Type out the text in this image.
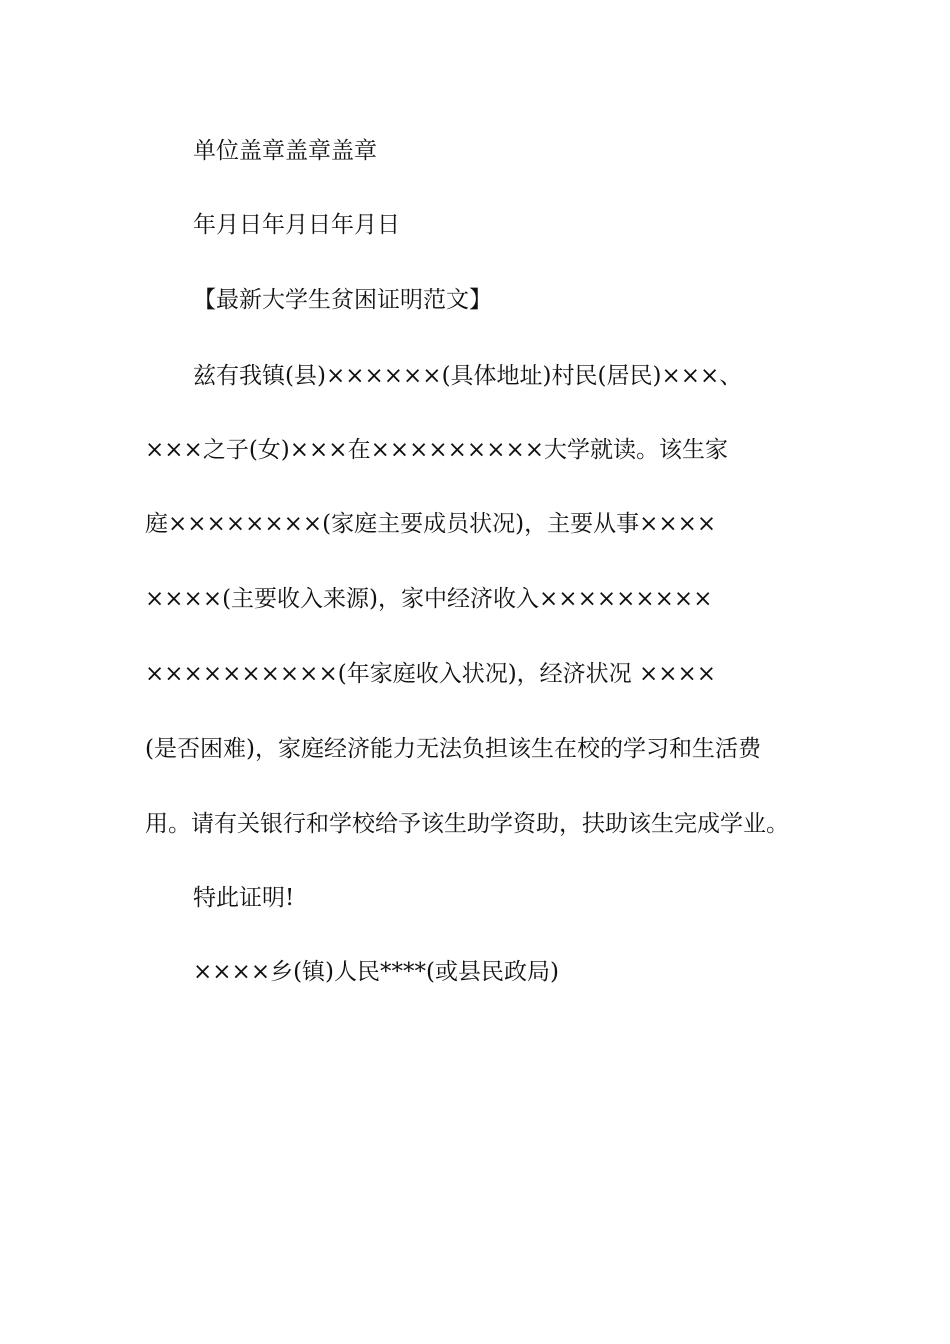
单位盖章盖章盖章
年月日年月日年月日
【最新大学生贫困证明范文】
兹有我镇(县)××××××(具体地址)村民(居民)×××、
×××之子(女)×××在×××××××××大学就读。该生家
庭××××××××(家庭主要成员状况)，主要从事××××
××××(主要收入来源)，家中经济收入×××××××××
××××××××××(年家庭收入状况)，经济状况 ××××
(是否困难)，家庭经济能力无法负担该生在校的学习和生活费
用。请有关银行和学校给予该生助学资助，扶助该生完成学业。
特此证明!
××××乡(镇)人民****(或县民政局)
